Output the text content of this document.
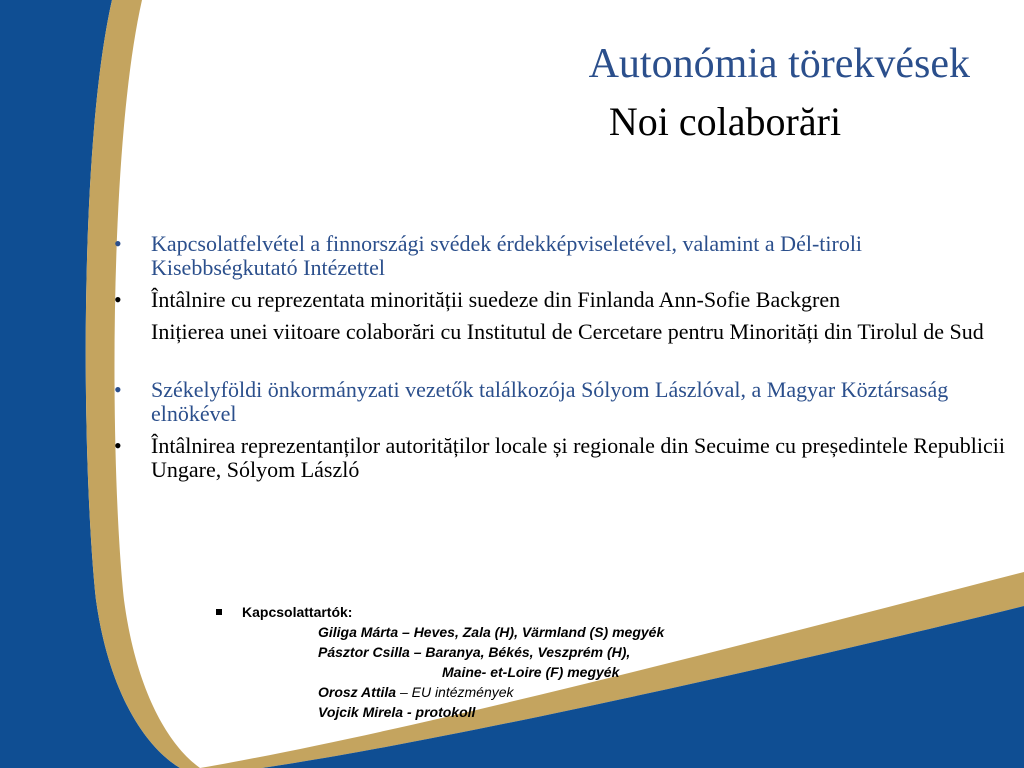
Autonómia törekvések
Noi colaborări
• Kapcsolatfelvétel a finnországi svédek érdekképviseletével, valamint a Dél-tiroli Kisebbségkutató Intézettel
• Întâlnire cu reprezentata minorității suedeze din Finlanda Ann-Sofie Backgren
Inițierea unei viitoare colaborări cu Institutul de Cercetare pentru Minorități din Tirolul de Sud
• Székelyföldi önkormányzati vezetők találkozója Sólyom Lászlóval, a Magyar Köztársaság elnökével
• Întâlnirea reprezentanților autorităților locale și regionale din Secuime cu președintele Republicii Ungare, Sólyom László
Kapcsolattartók:
Giliga Márta – Heves, Zala (H), Värmland (S) megyék
Pásztor Csilla – Baranya, Békés, Veszprém (H),
Maine- et-Loire (F) megyék
Orosz Attila – EU intézmények
Vojcik Mirela - protokoll
